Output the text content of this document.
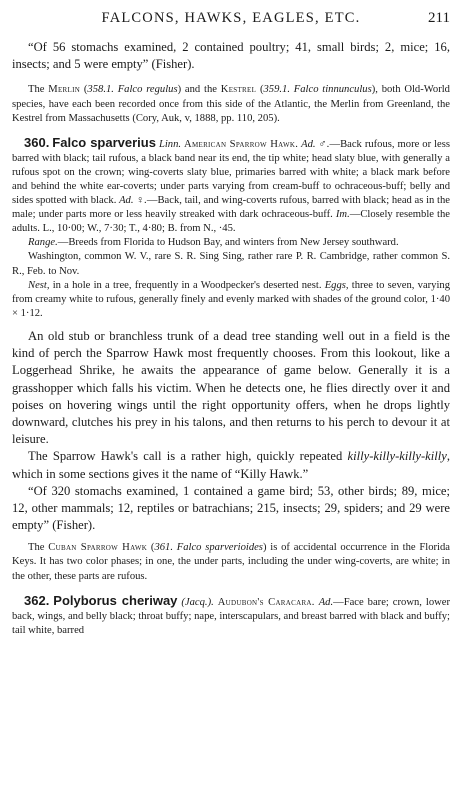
FALCONS, HAWKS, EAGLES, ETC.	211

“Of 56 stomachs examined, 2 contained poultry; 41, small birds; 2, mice; 16, insects; and 5 were empty” (Fisher).

The Merlin (358.1. Falco regulus) and the Kestrel (359.1. Falco tinnunculus), both Old-World species, have each been recorded once from this side of the Atlantic, the Merlin from Greenland, the Kestrel from Massachusetts (Cory, Auk, v, 1888, pp. 110, 205).

360. Falco sparverius Linn. American Sparrow Hawk. Ad. ♂.—Back rufous, more or less barred with black; tail rufous, a black band near its end, the tip white; head slaty blue, with generally a rufous spot on the crown; wing-coverts slaty blue, primaries barred with white; a black mark before and behind the white ear-coverts; under parts varying from cream-buff to ochraceous-buff; belly and sides spotted with black. Ad. ♀.—Back, tail, and wing-coverts rufous, barred with black; head as in the male; under parts more or less heavily streaked with dark ochraceous-buff. Im.—Closely resemble the adults. L., 10·00; W., 7·30; T., 4·80; B. from N., ·45.

Range.—Breeds from Florida to Hudson Bay, and winters from New Jersey southward.

Washington, common W. V., rare S. R. Sing Sing, rather rare P. R. Cambridge, rather common S. R., Feb. to Nov.

Nest, in a hole in a tree, frequently in a Woodpecker's deserted nest. Eggs, three to seven, varying from creamy white to rufous, generally finely and evenly marked with shades of the ground color, 1·40 × 1·12.

An old stub or branchless trunk of a dead tree standing well out in a field is the kind of perch the Sparrow Hawk most frequently chooses. From this lookout, like a Loggerhead Shrike, he awaits the appearance of game below. Generally it is a grasshopper which falls his victim. When he detects one, he flies directly over it and poises on hovering wings until the right opportunity offers, when he drops lightly downward, clutches his prey in his talons, and then returns to his perch to devour it at leisure.

The Sparrow Hawk's call is a rather high, quickly repeated killy-killy-killy-killy, which in some sections gives it the name of “Killy Hawk.”

“Of 320 stomachs examined, 1 contained a game bird; 53, other birds; 89, mice; 12, other mammals; 12, reptiles or batrachians; 215, insects; 29, spiders; and 29 were empty” (Fisher).

The Cuban Sparrow Hawk (361. Falco sparverioides) is of accidental occurrence in the Florida Keys. It has two color phases; in one, the under parts, including the under wing-coverts, are white; in the other, these parts are rufous.

362. Polyborus cheriway (Jacq.). Audubon's Caracara. Ad.—Face bare; crown, lower back, wings, and belly black; throat buffy; nape, interscapulars, and breast barred with black and buffy; tail white, barred
